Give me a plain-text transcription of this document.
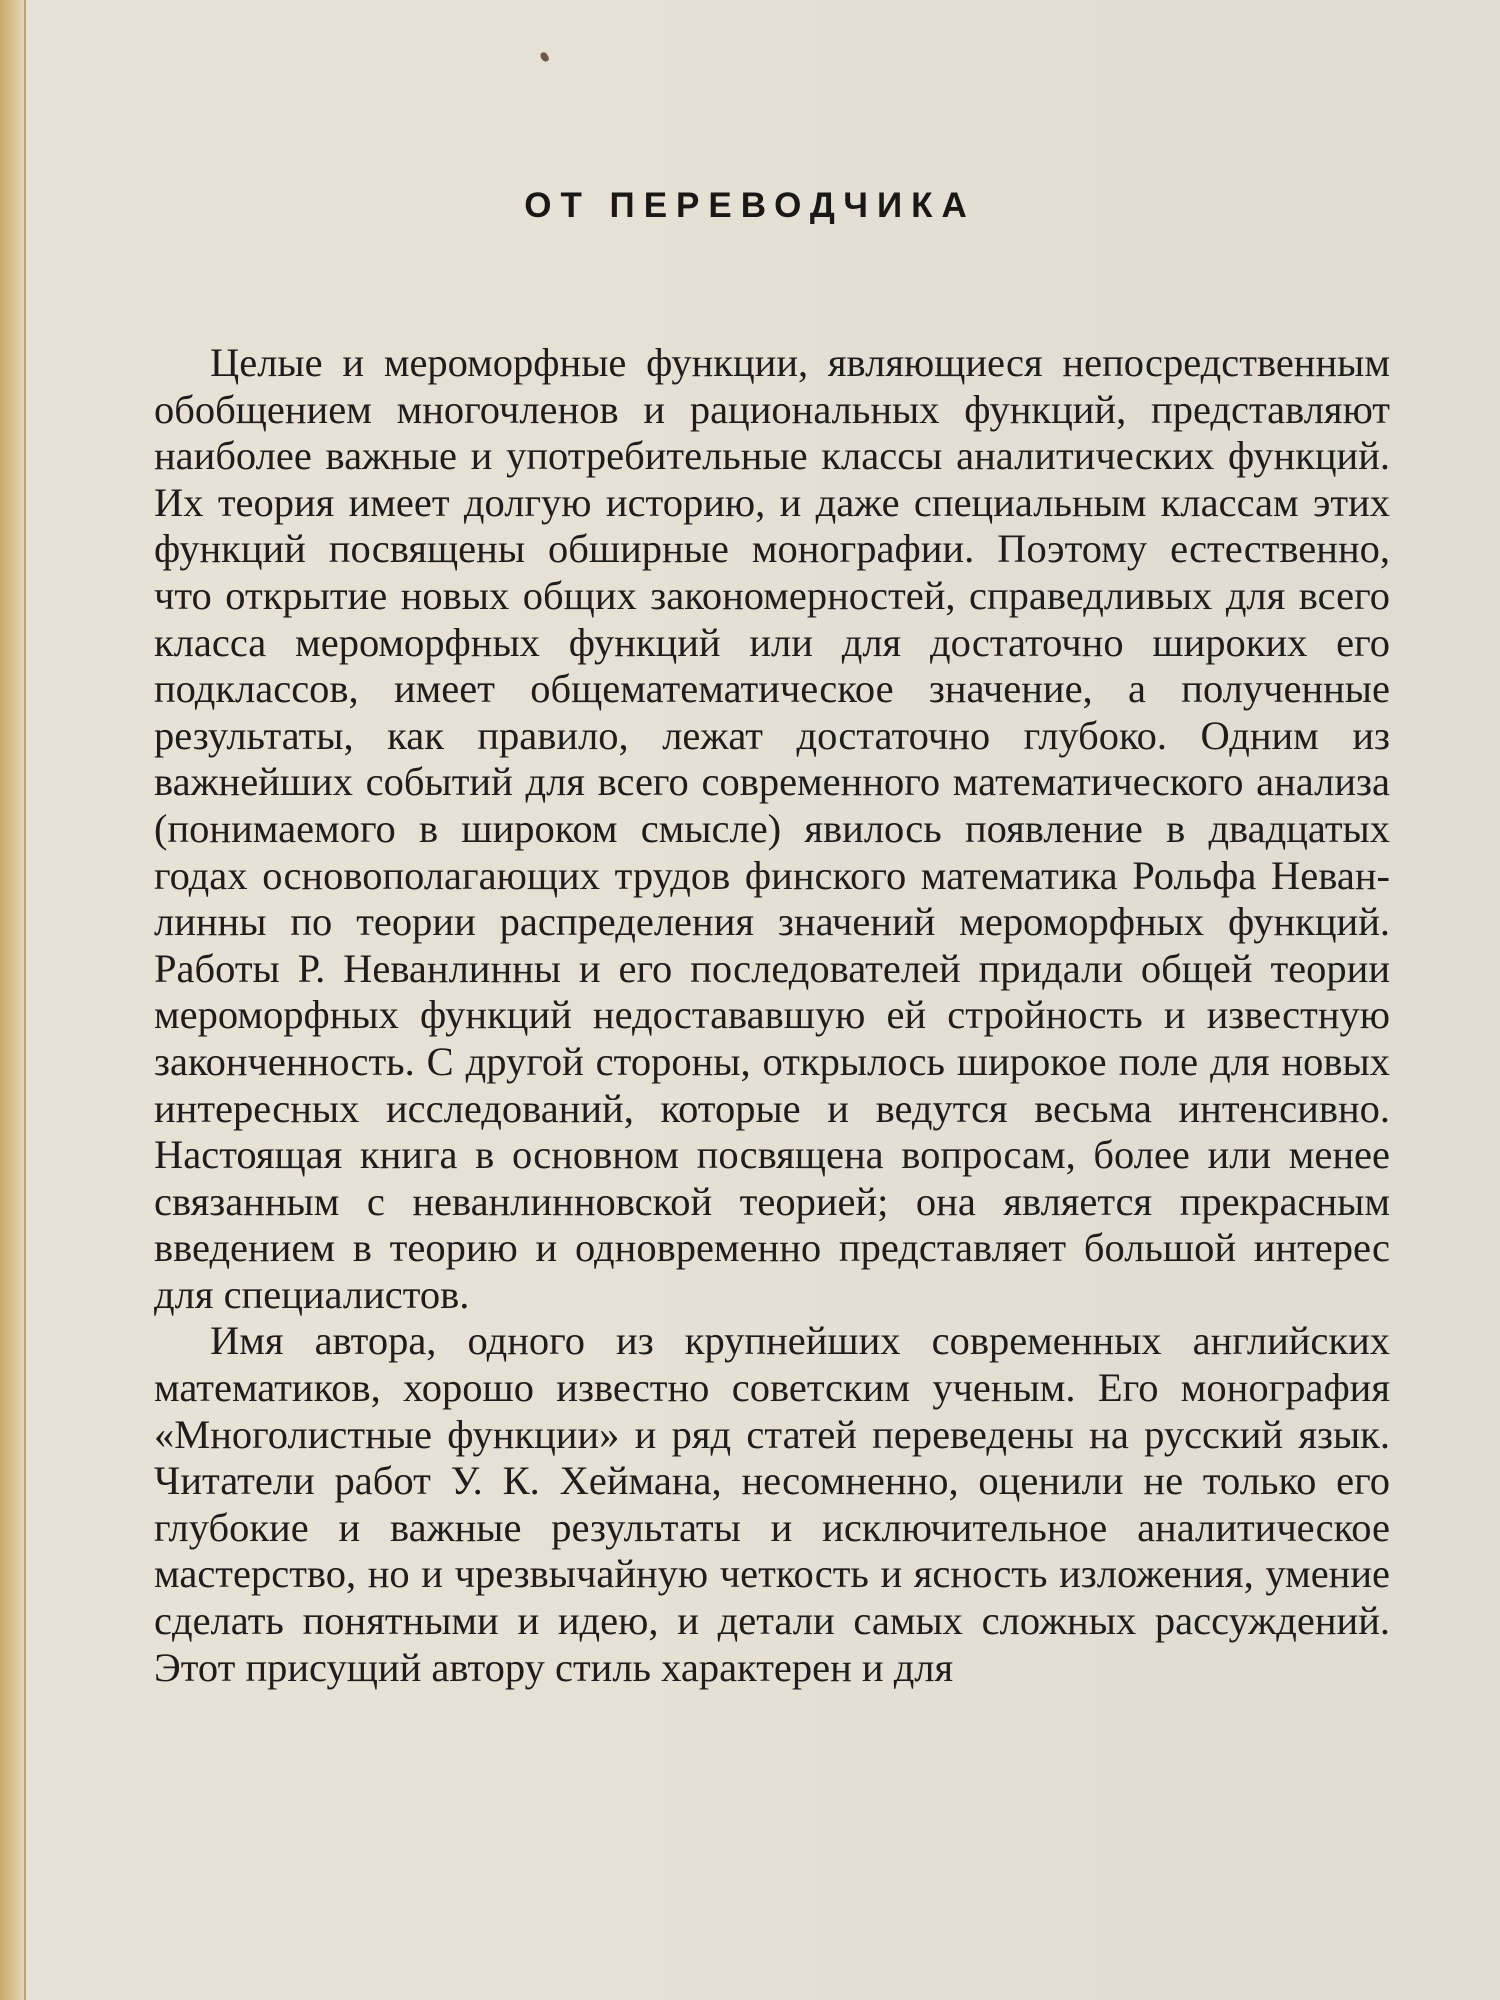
ОТ ПЕРЕВОДЧИКА

Целые и мероморфные функции, являющиеся непосредственным обобщением многочленов и рациональных функций, представляют наиболее важные и употребительные классы аналитических функций. Их теория имеет долгую историю, и даже специальным классам этих функций посвящены обширные монографии. Поэтому естественно, что открытие новых общих закономерностей, справедливых для всего класса мероморфных функций или для достаточно широких его подклассов, имеет общематематическое значение, а полученные результаты, как правило, лежат достаточно глубоко. Одним из важнейших событий для всего современного математического анализа (понимаемого в широком смысле) явилось появление в двадцатых годах основополагающих трудов финского математика Рольфа Неванлинны по теории распределения значений мероморфных функций. Работы Р. Неванлинны и его последователей придали общей теории мероморфных функций недостававшую ей стройность и известную законченность. С другой стороны, открылось широкое поле для новых интересных исследований, которые и ведутся весьма интенсивно. Настоящая книга в основном посвящена вопросам, более или менее связанным с неванлинновской теорией; она является прекрасным введением в теорию и одновременно представляет большой интерес для специалистов.

Имя автора, одного из крупнейших современных английских математиков, хорошо известно советским ученым. Его монография «Многолистные функции» и ряд статей переведены на русский язык. Читатели работ У. К. Хеймана, несомненно, оценили не только его глубокие и важные результаты и исключительное аналитическое мастерство, но и чрезвычайную четкость и ясность изложения, умение сделать понятными и идею, и детали самых сложных рассуждений. Этот присущий автору стиль характерен и для
